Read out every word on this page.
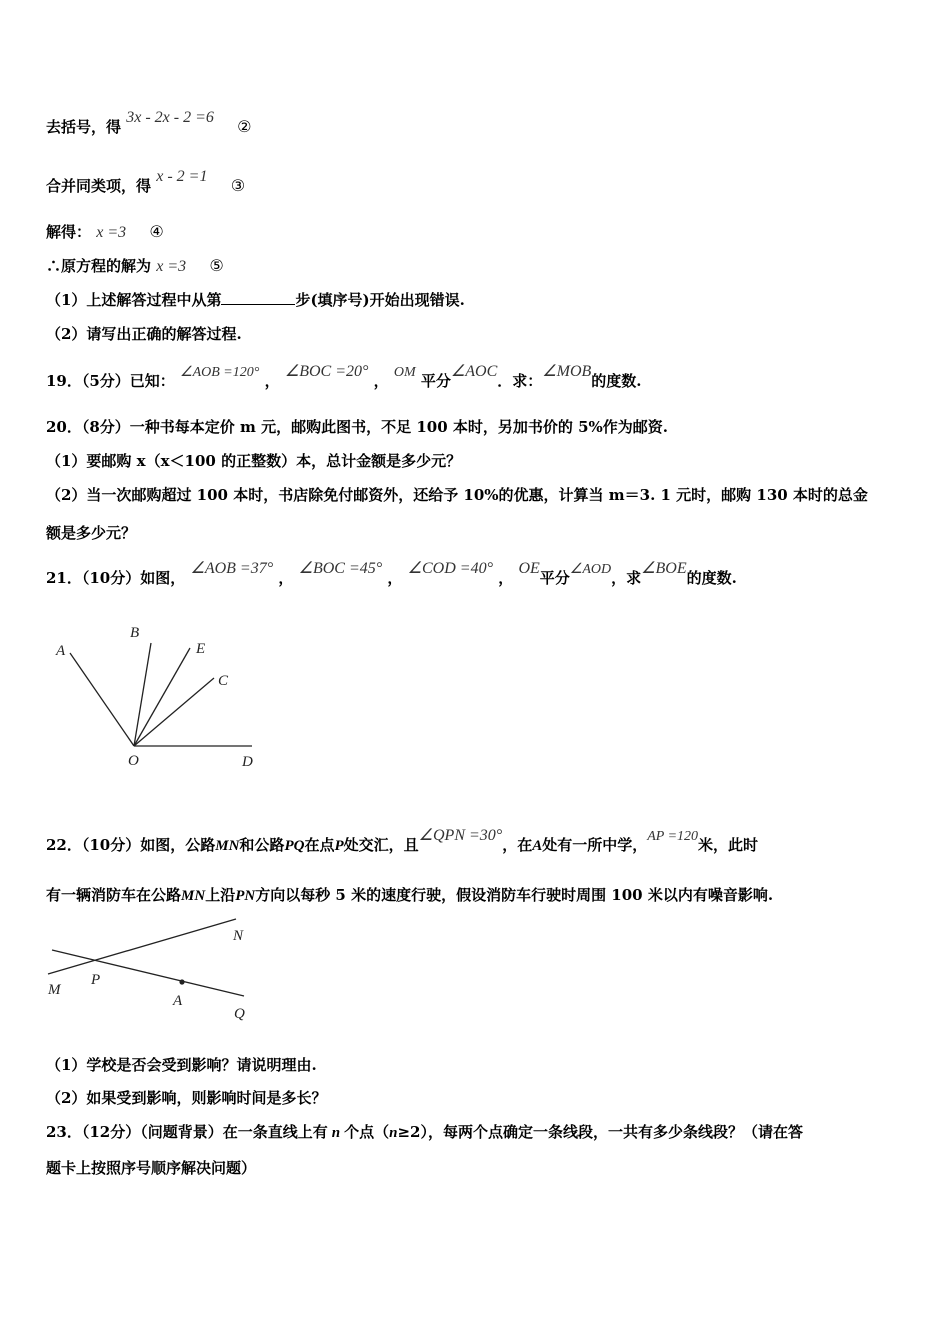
去括号，得 3x - 2x - 2 =6 ②
合并同类项，得 x - 2 =1 ③
解得： x =3 ④
∴原方程的解为 x =3 ⑤
（1）上述解答过程中从第	步(填序号)开始出现错误.
（2）请写出正确的解答过程.
19．（5分）已知： ∠AOB =120° ， ∠BOC =20° ， OM 平分∠AOC．求：∠MOB的度数.
20．（8分）一种书每本定价 m 元，邮购此图书，不足 100 本时，另加书价的 5%作为邮资.
（1）要邮购 x（x＜100 的正整数）本，总计金额是多少元？
（2）当一次邮购超过 100 本时，书店除免付邮资外，还给予 10%的优惠，计算当 m＝3. 1 元时，邮购 130 本时的总金
额是多少元？
21．（10分）如图， ∠AOB =37° ， ∠BOC =45° ， ∠COD =40° ， OE平分∠AOD，求∠BOE的度数.
A
B
E
C
O	D
22．（10分）如图，公路MN和公路PQ在点P处交汇，且∠QPN =30°，在A处有一所中学，AP =120米，此时
有一辆消防车在公路MN上沿PN方向以每秒 5 米的速度行驶，假设消防车行驶时周围 100 米以内有噪音影响.
N
M
P
A
Q
（1）学校是否会受到影响？请说明理由.
（2）如果受到影响，则影响时间是多长？
23．（12分）（问题背景）在一条直线上有 n 个点（n≥2），每两个点确定一条线段，一共有多少条线段？（请在答
题卡上按照序号顺序解决问题）
